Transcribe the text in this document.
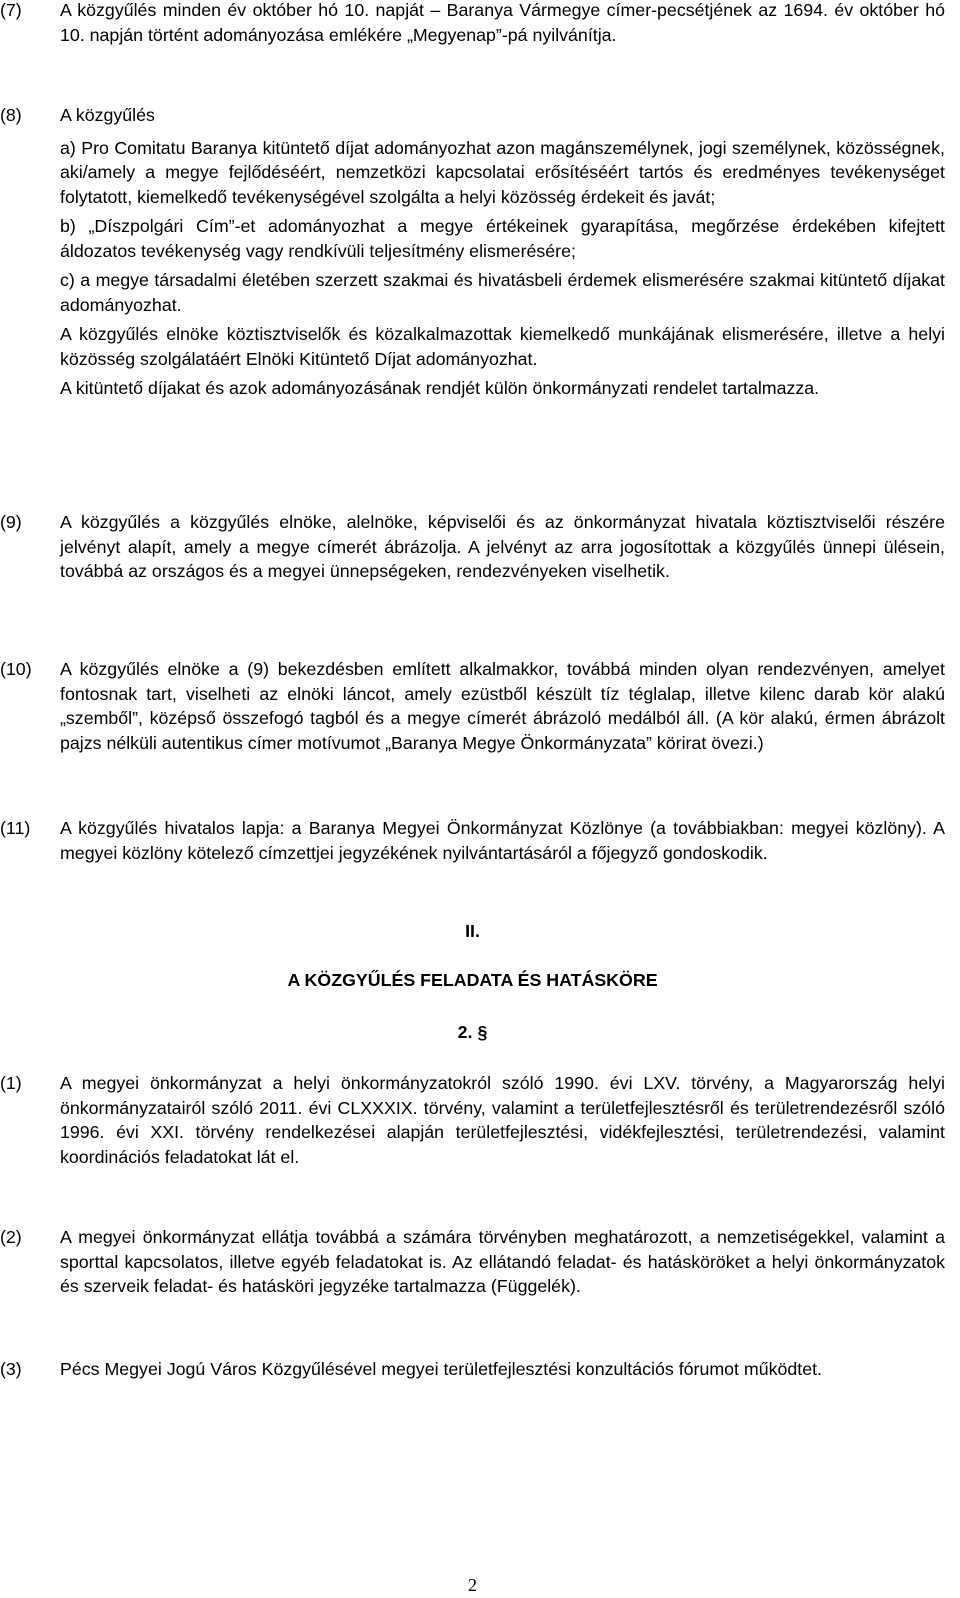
(7)	A közgyűlés minden év október hó 10. napját – Baranya Vármegye címer-pecsétjének az 1694. év október hó 10. napján történt adományozása emlékére „Megyenap”-pá nyilvánítja.

(8)	A közgyűlés

a) Pro Comitatu Baranya kitüntető díjat adományozhat azon magánszemélynek, jogi személynek, közösségnek, aki/amely a megye fejlődéséért, nemzetközi kapcsolatai erősítéséért tartós és eredményes tevékenységet folytatott, kiemelkedő tevékenységével szolgálta a helyi közösség érdekeit és javát;

b) „Díszpolgári Cím”-et adományozhat a megye értékeinek gyarapítása, megőrzése érdekében kifejtett áldozatos tevékenység vagy rendkívüli teljesítmény elismerésére;

c) a megye társadalmi életében szerzett szakmai és hivatásbeli érdemek elismerésére szakmai kitüntető díjakat adományozhat.

A közgyűlés elnöke köztisztviselők és közalkalmazottak kiemelkedő munkájának elismerésére, illetve a helyi közösség szolgálatáért Elnöki Kitüntető Díjat adományozhat.

A kitüntető díjakat és azok adományozásának rendjét külön önkormányzati rendelet tartalmazza.

(9)	A közgyűlés a közgyűlés elnöke, alelnöke, képviselői és az önkormányzat hivatala köztisztviselői részére jelvényt alapít, amely a megye címerét ábrázolja. A jelvényt az arra jogosítottak a közgyűlés ünnepi ülésein, továbbá az országos és a megyei ünnepségeken, rendezvényeken viselhetik.

(10)	A közgyűlés elnöke a (9) bekezdésben említett alkalmakkor, továbbá minden olyan rendezvényen, amelyet fontosnak tart, viselheti az elnöki láncot, amely ezüstből készült tíz téglalap, illetve kilenc darab kör alakú „szemből”, középső összefogó tagból és a megye címerét ábrázoló medálból áll. (A kör alakú, érmen ábrázolt pajzs nélküli autentikus címer motívumot „Baranya Megye Önkormányzata” körirat övezi.)

(11)	A közgyűlés hivatalos lapja: a Baranya Megyei Önkormányzat Közlönye (a továbbiakban: megyei közlöny). A megyei közlöny kötelező címzettjei jegyzékének nyilvántartásáról a főjegyző gondoskodik.

II.
A KÖZGYŰLÉS FELADATA ÉS HATÁSKÖRE
2. §
(1)	A megyei önkormányzat a helyi önkormányzatokról szóló 1990. évi LXV. törvény, a Magyarország helyi önkormányzatairól szóló 2011. évi CLXXXIX. törvény, valamint a területfejlesztésről és területrendezésről szóló 1996. évi XXI. törvény rendelkezései alapján területfejlesztési, vidékfejlesztési, területrendezési, valamint koordinációs feladatokat lát el.

(2)	A megyei önkormányzat ellátja továbbá a számára törvényben meghatározott, a nemzetiségekkel, valamint a sporttal kapcsolatos, illetve egyéb feladatokat is. Az ellátandó feladat- és hatásköröket a helyi önkormányzatok és szerveik feladat- és hatásköri jegyzéke tartalmazza (Függelék).

(3)	Pécs Megyei Jogú Város Közgyűlésével megyei területfejlesztési konzultációs fórumot működtet.

2
